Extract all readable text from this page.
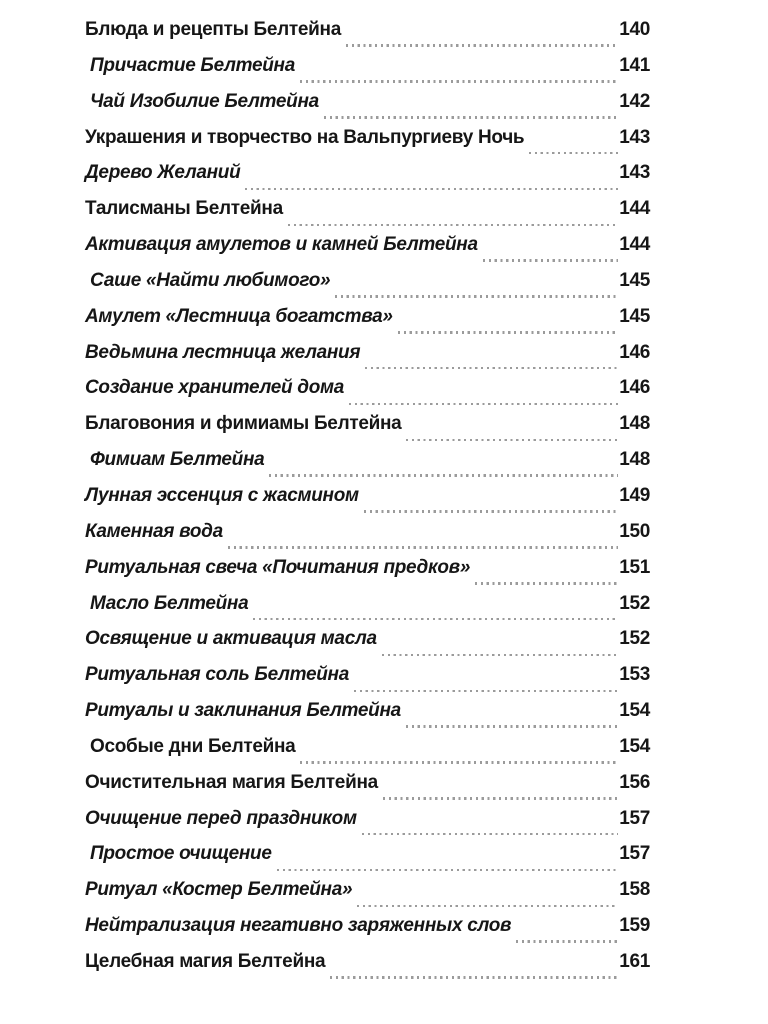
Блюда и рецепты Белтейна	140
Причастие Белтейна	141
Чай Изобилие Белтейна	142
Украшения и творчество на Вальпургиеву Ночь	143
Дерево Желаний	143
Талисманы Белтейна	144
Активация амулетов и камней Белтейна	144
Саше «Найти любимого»	145
Амулет «Лестница богатства»	145
Ведьмина лестница желания	146
Создание хранителей дома	146
Благовония и фимиамы Белтейна	148
Фимиам Белтейна	148
Лунная эссенция с жасмином	149
Каменная вода	150
Ритуальная свеча «Почитания предков»	151
Масло Белтейна	152
Освящение и активация масла	152
Ритуальная соль Белтейна	153
Ритуалы и заклинания Белтейна	154
Особые дни Белтейна	154
Очистительная магия Белтейна	156
Очищение перед праздником	157
Простое очищение	157
Ритуал «Костер Белтейна»	158
Нейтрализация негативно заряженных слов	159
Целебная магия Белтейна	161
